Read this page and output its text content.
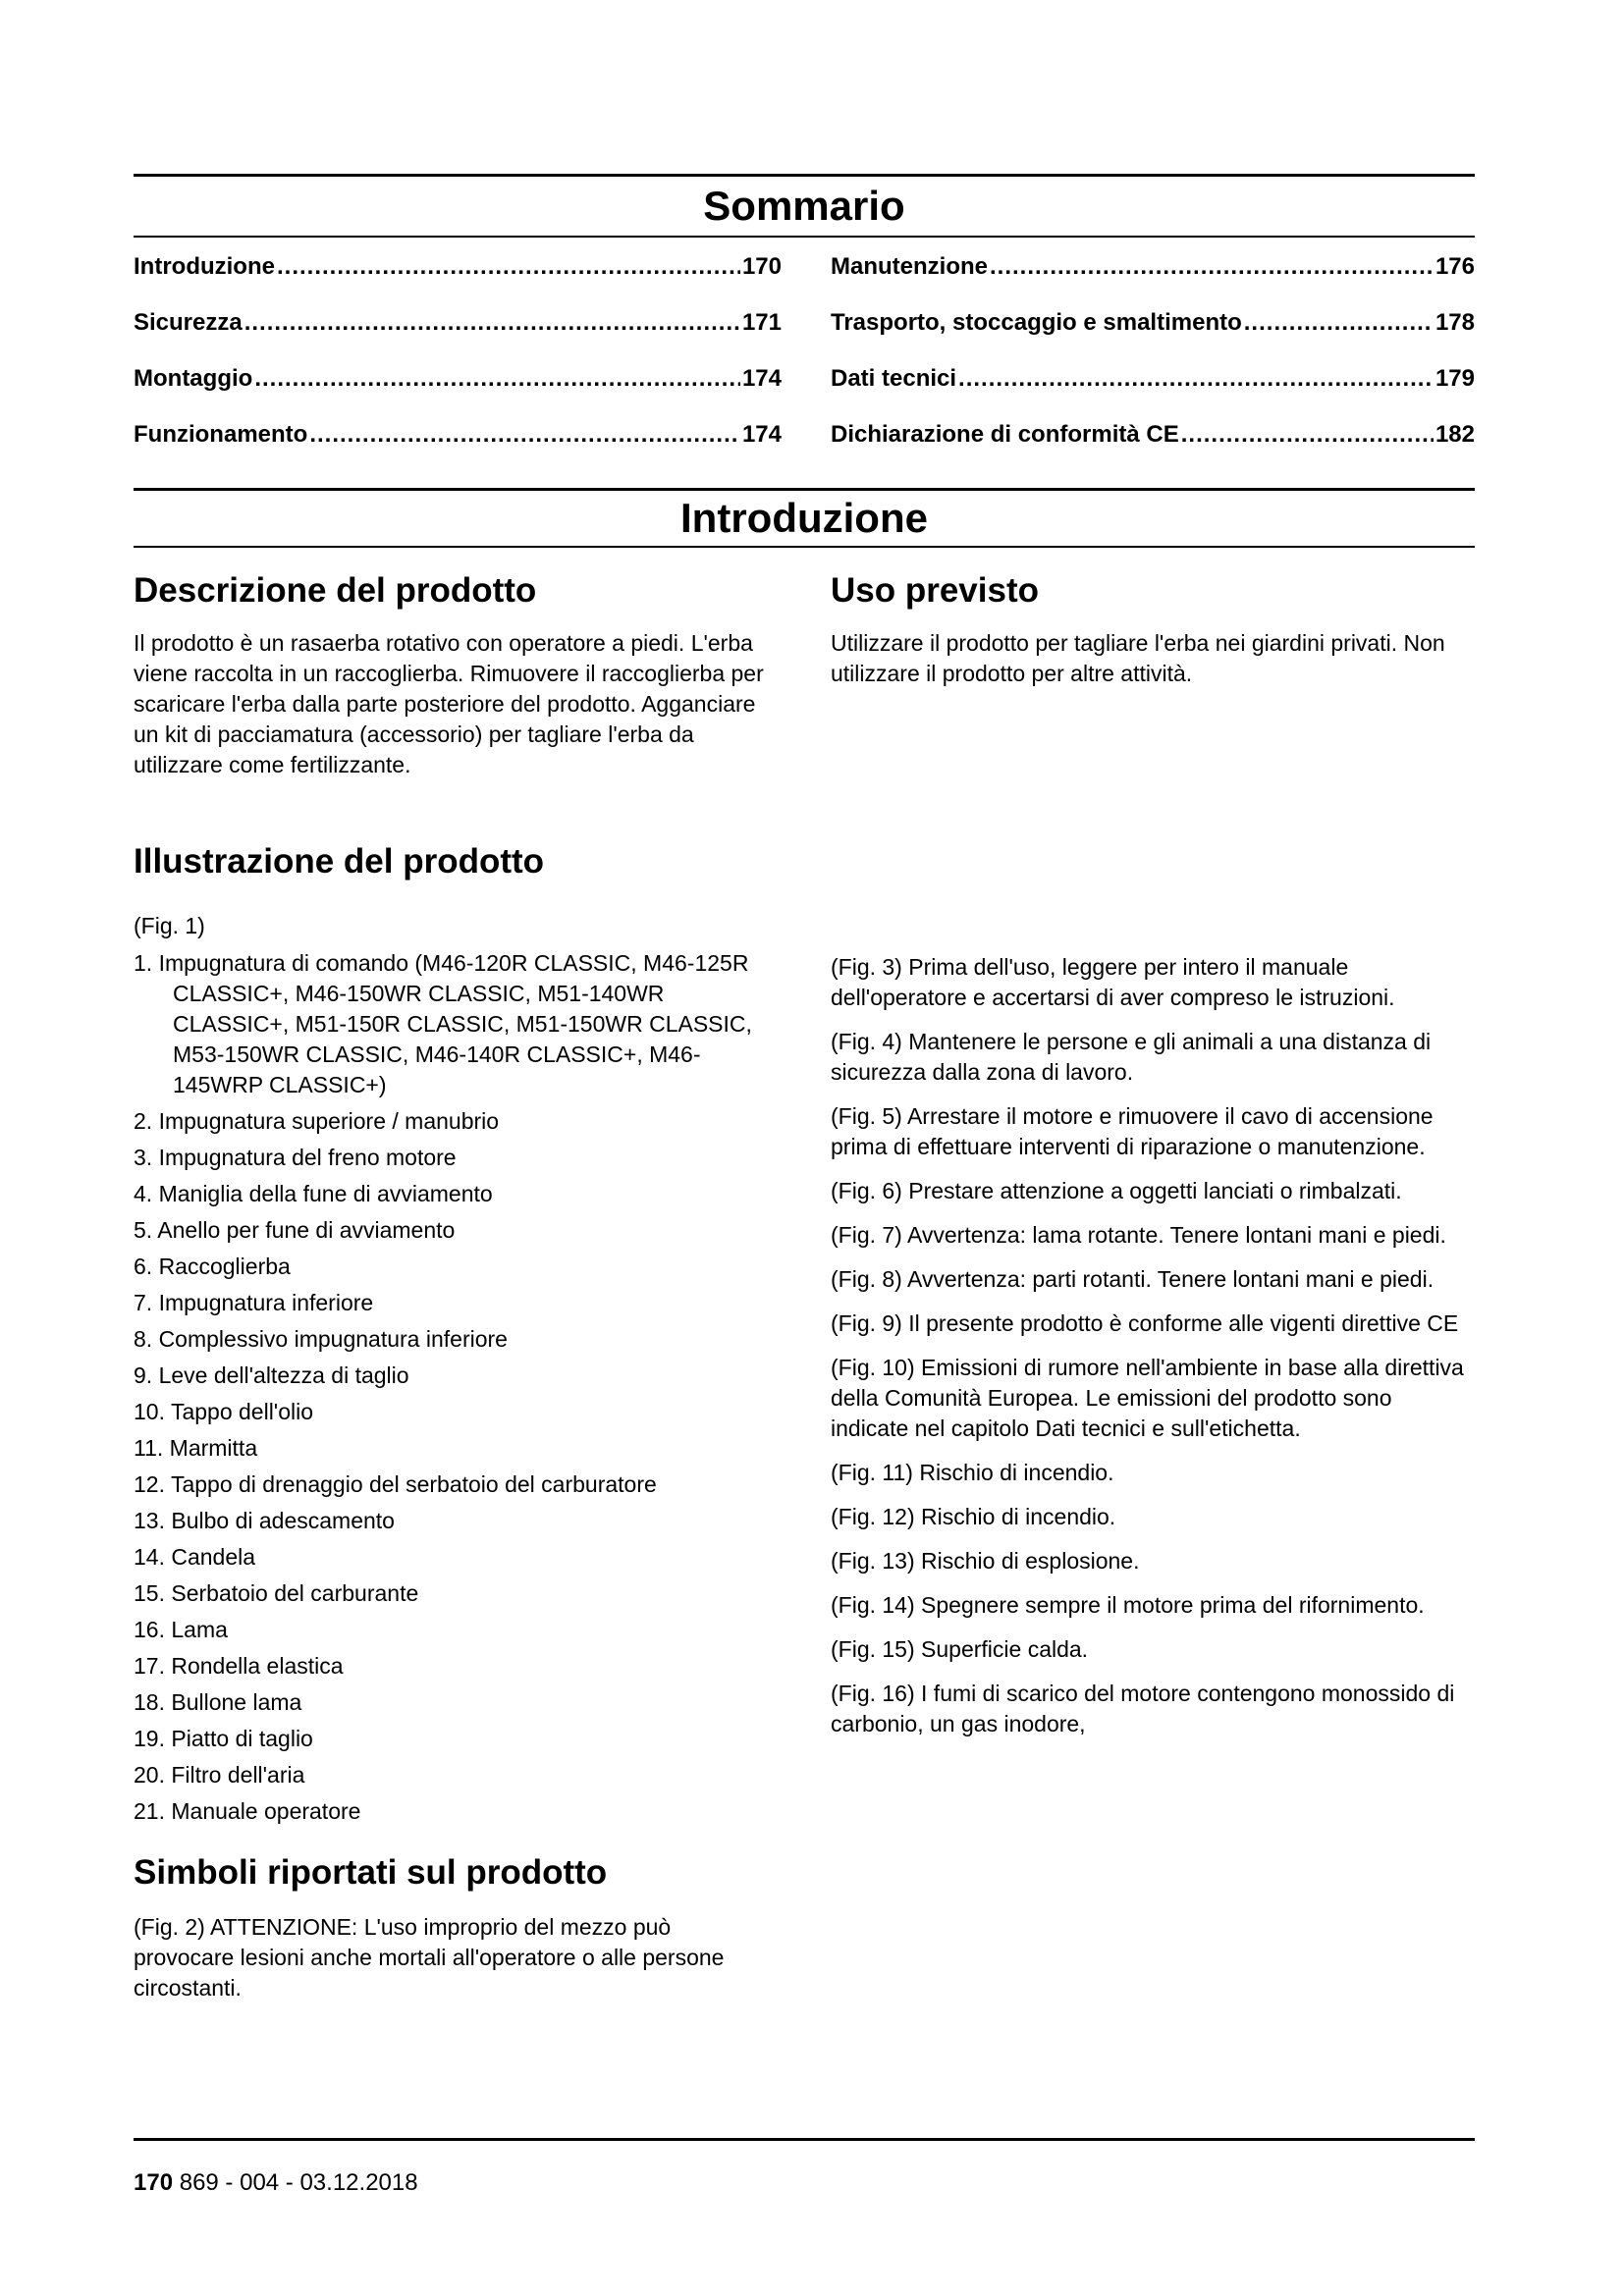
Sommario
Introduzione .....	170
Sicurezza .....	171
Montaggio .....	174
Funzionamento .....	174
Manutenzione .....	176
Trasporto, stoccaggio e smaltimento .....	178
Dati tecnici .....	179
Dichiarazione di conformità CE .....	182
Introduzione
Descrizione del prodotto

Il prodotto è un rasaerba rotativo con operatore a piedi. L'erba viene raccolta in un raccoglierba. Rimuovere il raccoglierba per scaricare l'erba dalla parte posteriore del prodotto. Agganciare un kit di pacciamatura (accessorio) per tagliare l'erba da utilizzare come fertilizzante.

Illustrazione del prodotto

(Fig. 1)

1. Impugnatura di comando (M46-120R CLASSIC, M46-125R CLASSIC+, M46-150WR CLASSIC, M51-140WR CLASSIC+, M51-150R CLASSIC, M51-150WR CLASSIC, M53-150WR CLASSIC, M46-140R CLASSIC+, M46-145WRP CLASSIC+)
2. Impugnatura superiore / manubrio
3. Impugnatura del freno motore
4. Maniglia della fune di avviamento
5. Anello per fune di avviamento
6. Raccoglierba
7. Impugnatura inferiore
8. Complessivo impugnatura inferiore
9. Leve dell'altezza di taglio
10. Tappo dell'olio
11. Marmitta
12. Tappo di drenaggio del serbatoio del carburatore
13. Bulbo di adescamento
14. Candela
15. Serbatoio del carburante
16. Lama
17. Rondella elastica
18. Bullone lama
19. Piatto di taglio
20. Filtro dell'aria
21. Manuale operatore
Simboli riportati sul prodotto

(Fig. 2) ATTENZIONE: L'uso improprio del mezzo può provocare lesioni anche mortali all'operatore o alle persone circostanti.

Uso previsto

Utilizzare il prodotto per tagliare l'erba nei giardini privati. Non utilizzare il prodotto per altre attività.

(Fig. 3) Prima dell'uso, leggere per intero il manuale dell'operatore e accertarsi di aver compreso le istruzioni.

(Fig. 4) Mantenere le persone e gli animali a una distanza di sicurezza dalla zona di lavoro.

(Fig. 5) Arrestare il motore e rimuovere il cavo di accensione prima di effettuare interventi di riparazione o manutenzione.

(Fig. 6) Prestare attenzione a oggetti lanciati o rimbalzati.

(Fig. 7) Avvertenza: lama rotante. Tenere lontani mani e piedi.

(Fig. 8) Avvertenza: parti rotanti. Tenere lontani mani e piedi.

(Fig. 9) Il presente prodotto è conforme alle vigenti direttive CE

(Fig. 10) Emissioni di rumore nell'ambiente in base alla direttiva della Comunità Europea. Le emissioni del prodotto sono indicate nel capitolo Dati tecnici e sull'etichetta.

(Fig. 11) Rischio di incendio.

(Fig. 12) Rischio di incendio.

(Fig. 13) Rischio di esplosione.

(Fig. 14) Spegnere sempre il motore prima del rifornimento.

(Fig. 15) Superficie calda.

(Fig. 16) I fumi di scarico del motore contengono monossido di carbonio, un gas inodore,

170 869 - 004 - 03.12.2018
